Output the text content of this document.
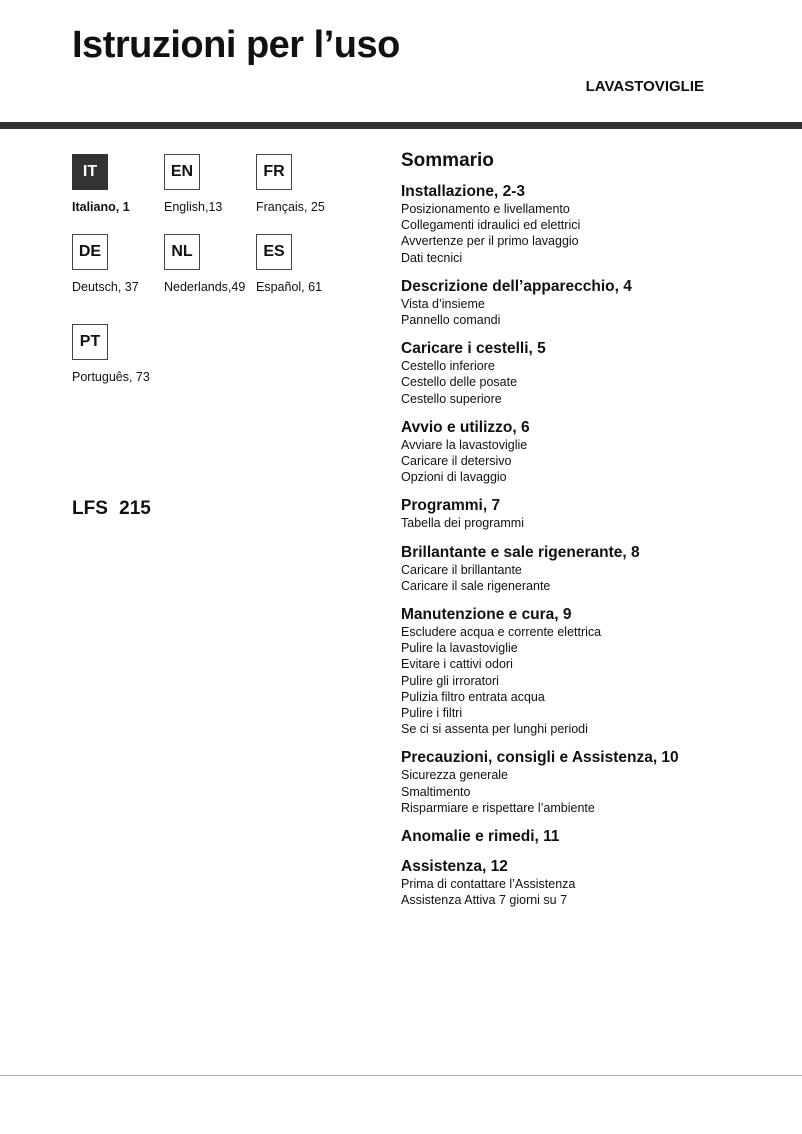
Istruzioni per l’uso
LAVASTOVIGLIE
IT
Italiano, 1
EN
English,13
FR
Français, 25
DE
Deutsch, 37
NL
Nederlands,49
ES
Español, 61
PT
Português, 73
LFS 215
Sommario
Installazione, 2-3
Posizionamento e livellamento
Collegamenti idraulici ed elettrici
Avvertenze per il primo lavaggio
Dati tecnici
Descrizione dell’apparecchio, 4
Vista d’insieme
Pannello comandi
Caricare i cestelli, 5
Cestello inferiore
Cestello delle posate
Cestello superiore
Avvio e utilizzo, 6
Avviare la lavastoviglie
Caricare il detersivo
Opzioni di lavaggio
Programmi, 7
Tabella dei programmi
Brillantante e sale rigenerante, 8
Caricare il brillantante
Caricare il sale rigenerante
Manutenzione e cura, 9
Escludere acqua e corrente elettrica
Pulire la lavastoviglie
Evitare i cattivi odori
Pulire gli irroratori
Pulizia filtro entrata acqua
Pulire i filtri
Se ci si assenta per lunghi periodi
Precauzioni, consigli e Assistenza, 10
Sicurezza generale
Smaltimento
Risparmiare e rispettare l’ambiente
Anomalie e rimedi, 11
Assistenza, 12
Prima di contattare l’Assistenza
Assistenza Attiva 7 giorni su 7
